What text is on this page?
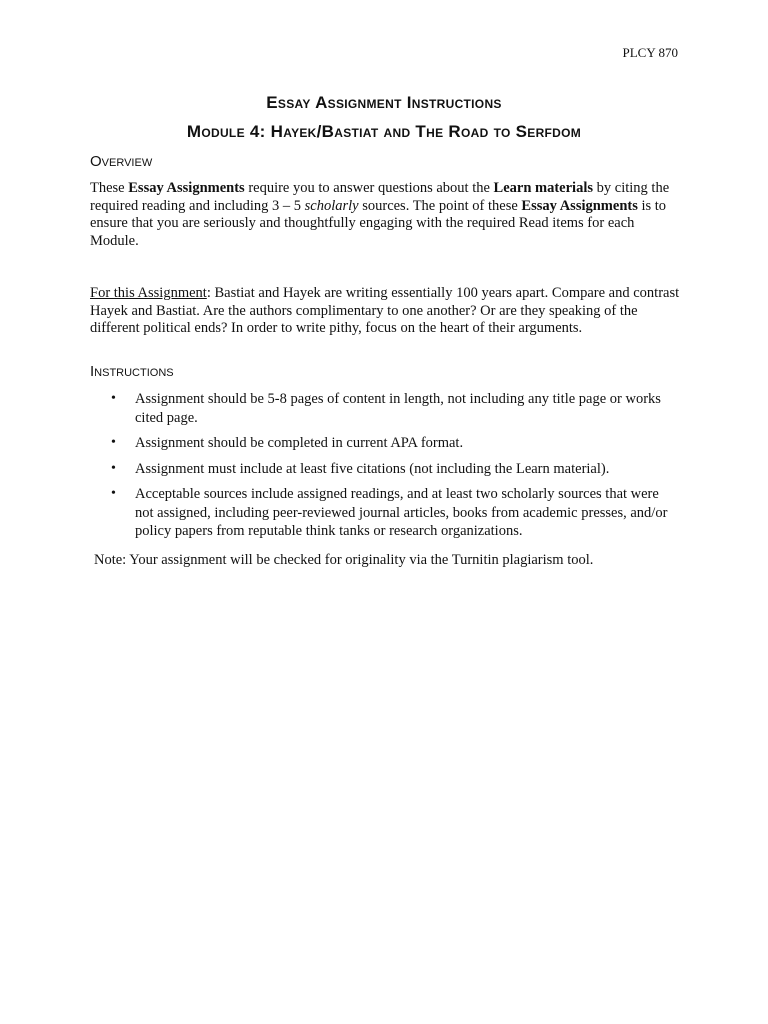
PLCY 870
Essay Assignment Instructions
Module 4: Hayek/Bastiat and The Road to Serfdom
Overview
These Essay Assignments require you to answer questions about the Learn materials by citing the required reading and including 3 – 5 scholarly sources. The point of these Essay Assignments is to ensure that you are seriously and thoughtfully engaging with the required Read items for each Module.
For this Assignment: Bastiat and Hayek are writing essentially 100 years apart. Compare and contrast Hayek and Bastiat. Are the authors complimentary to one another? Or are they speaking of the different political ends? In order to write pithy, focus on the heart of their arguments.
Instructions
• Assignment should be 5-8 pages of content in length, not including any title page or works cited page.
• Assignment should be completed in current APA format.
• Assignment must include at least five citations (not including the Learn material).
• Acceptable sources include assigned readings, and at least two scholarly sources that were not assigned, including peer-reviewed journal articles, books from academic presses, and/or policy papers from reputable think tanks or research organizations.
Note: Your assignment will be checked for originality via the Turnitin plagiarism tool.
